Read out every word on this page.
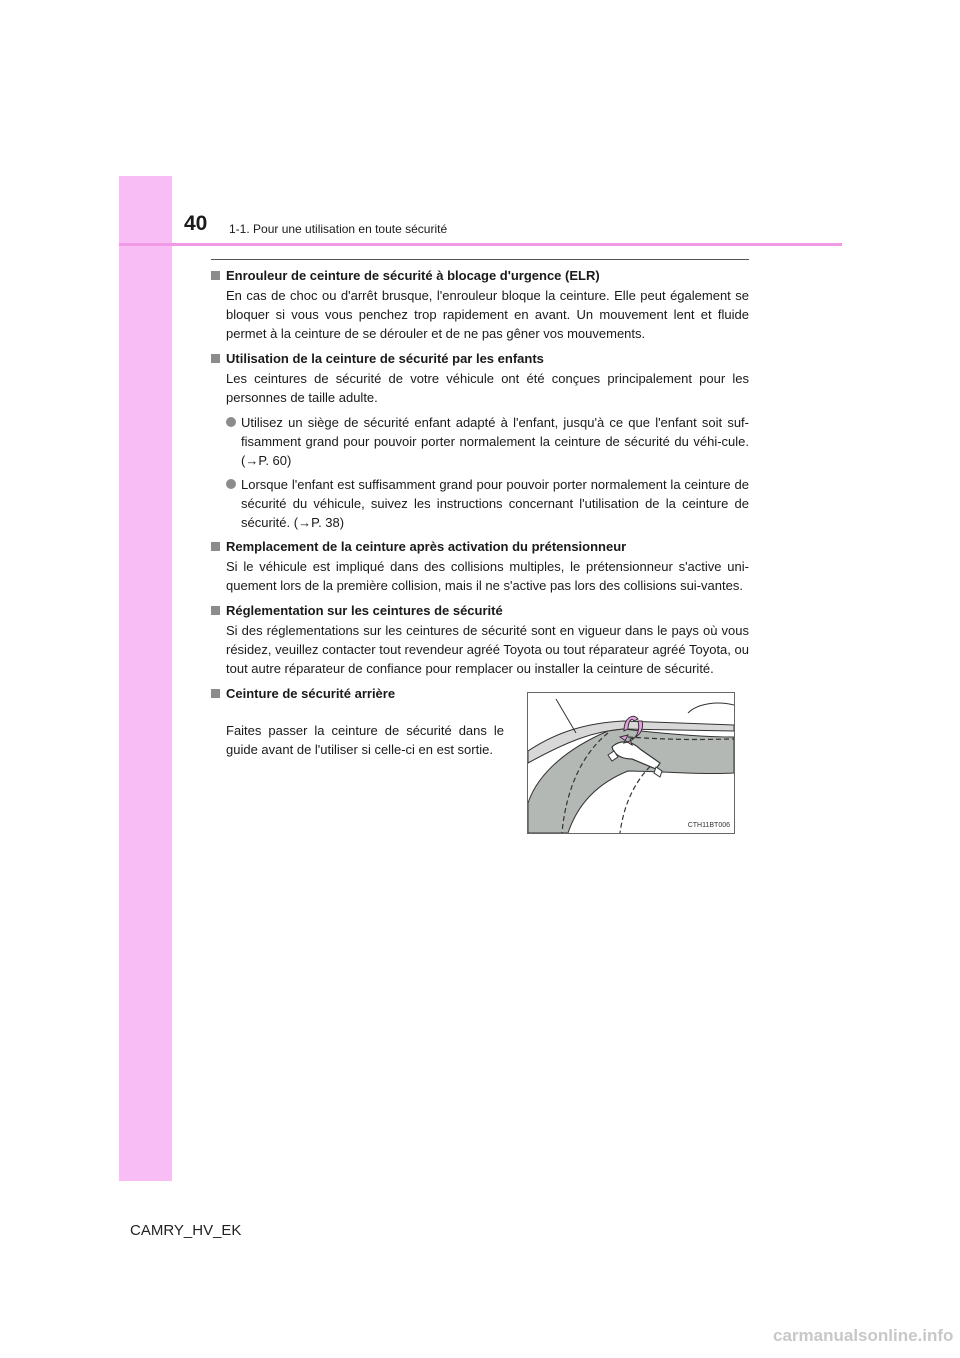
40 1-1. Pour une utilisation en toute sécurité

Enrouleur de ceinture de sécurité à blocage d'urgence (ELR)

En cas de choc ou d'arrêt brusque, l'enrouleur bloque la ceinture. Elle peut également se bloquer si vous vous penchez trop rapidement en avant. Un mouvement lent et fluide permet à la ceinture de se dérouler et de ne pas gêner vos mouvements.

Utilisation de la ceinture de sécurité par les enfants

Les ceintures de sécurité de votre véhicule ont été conçues principalement pour les personnes de taille adulte.

Utilisez un siège de sécurité enfant adapté à l'enfant, jusqu'à ce que l'enfant soit suf-fisamment grand pour pouvoir porter normalement la ceinture de sécurité du véhi-cule. (→P. 60)
Lorsque l'enfant est suffisamment grand pour pouvoir porter normalement la ceinture de sécurité du véhicule, suivez les instructions concernant l'utilisation de la ceinture de sécurité. (→P. 38)

Remplacement de la ceinture après activation du prétensionneur

Si le véhicule est impliqué dans des collisions multiples, le prétensionneur s'active uni-quement lors de la première collision, mais il ne s'active pas lors des collisions sui-vantes.

Réglementation sur les ceintures de sécurité

Si des réglementations sur les ceintures de sécurité sont en vigueur dans le pays où vous résidez, veuillez contacter tout revendeur agréé Toyota ou tout réparateur agréé Toyota, ou tout autre réparateur de confiance pour remplacer ou installer la ceinture de sécurité.

Ceinture de sécurité arrière

Faites passer la ceinture de sécurité dans le guide avant de l'utiliser si celle-ci en est sortie.

CTH11BT006
CAMRY_HV_EK
carmanualsonline.info
